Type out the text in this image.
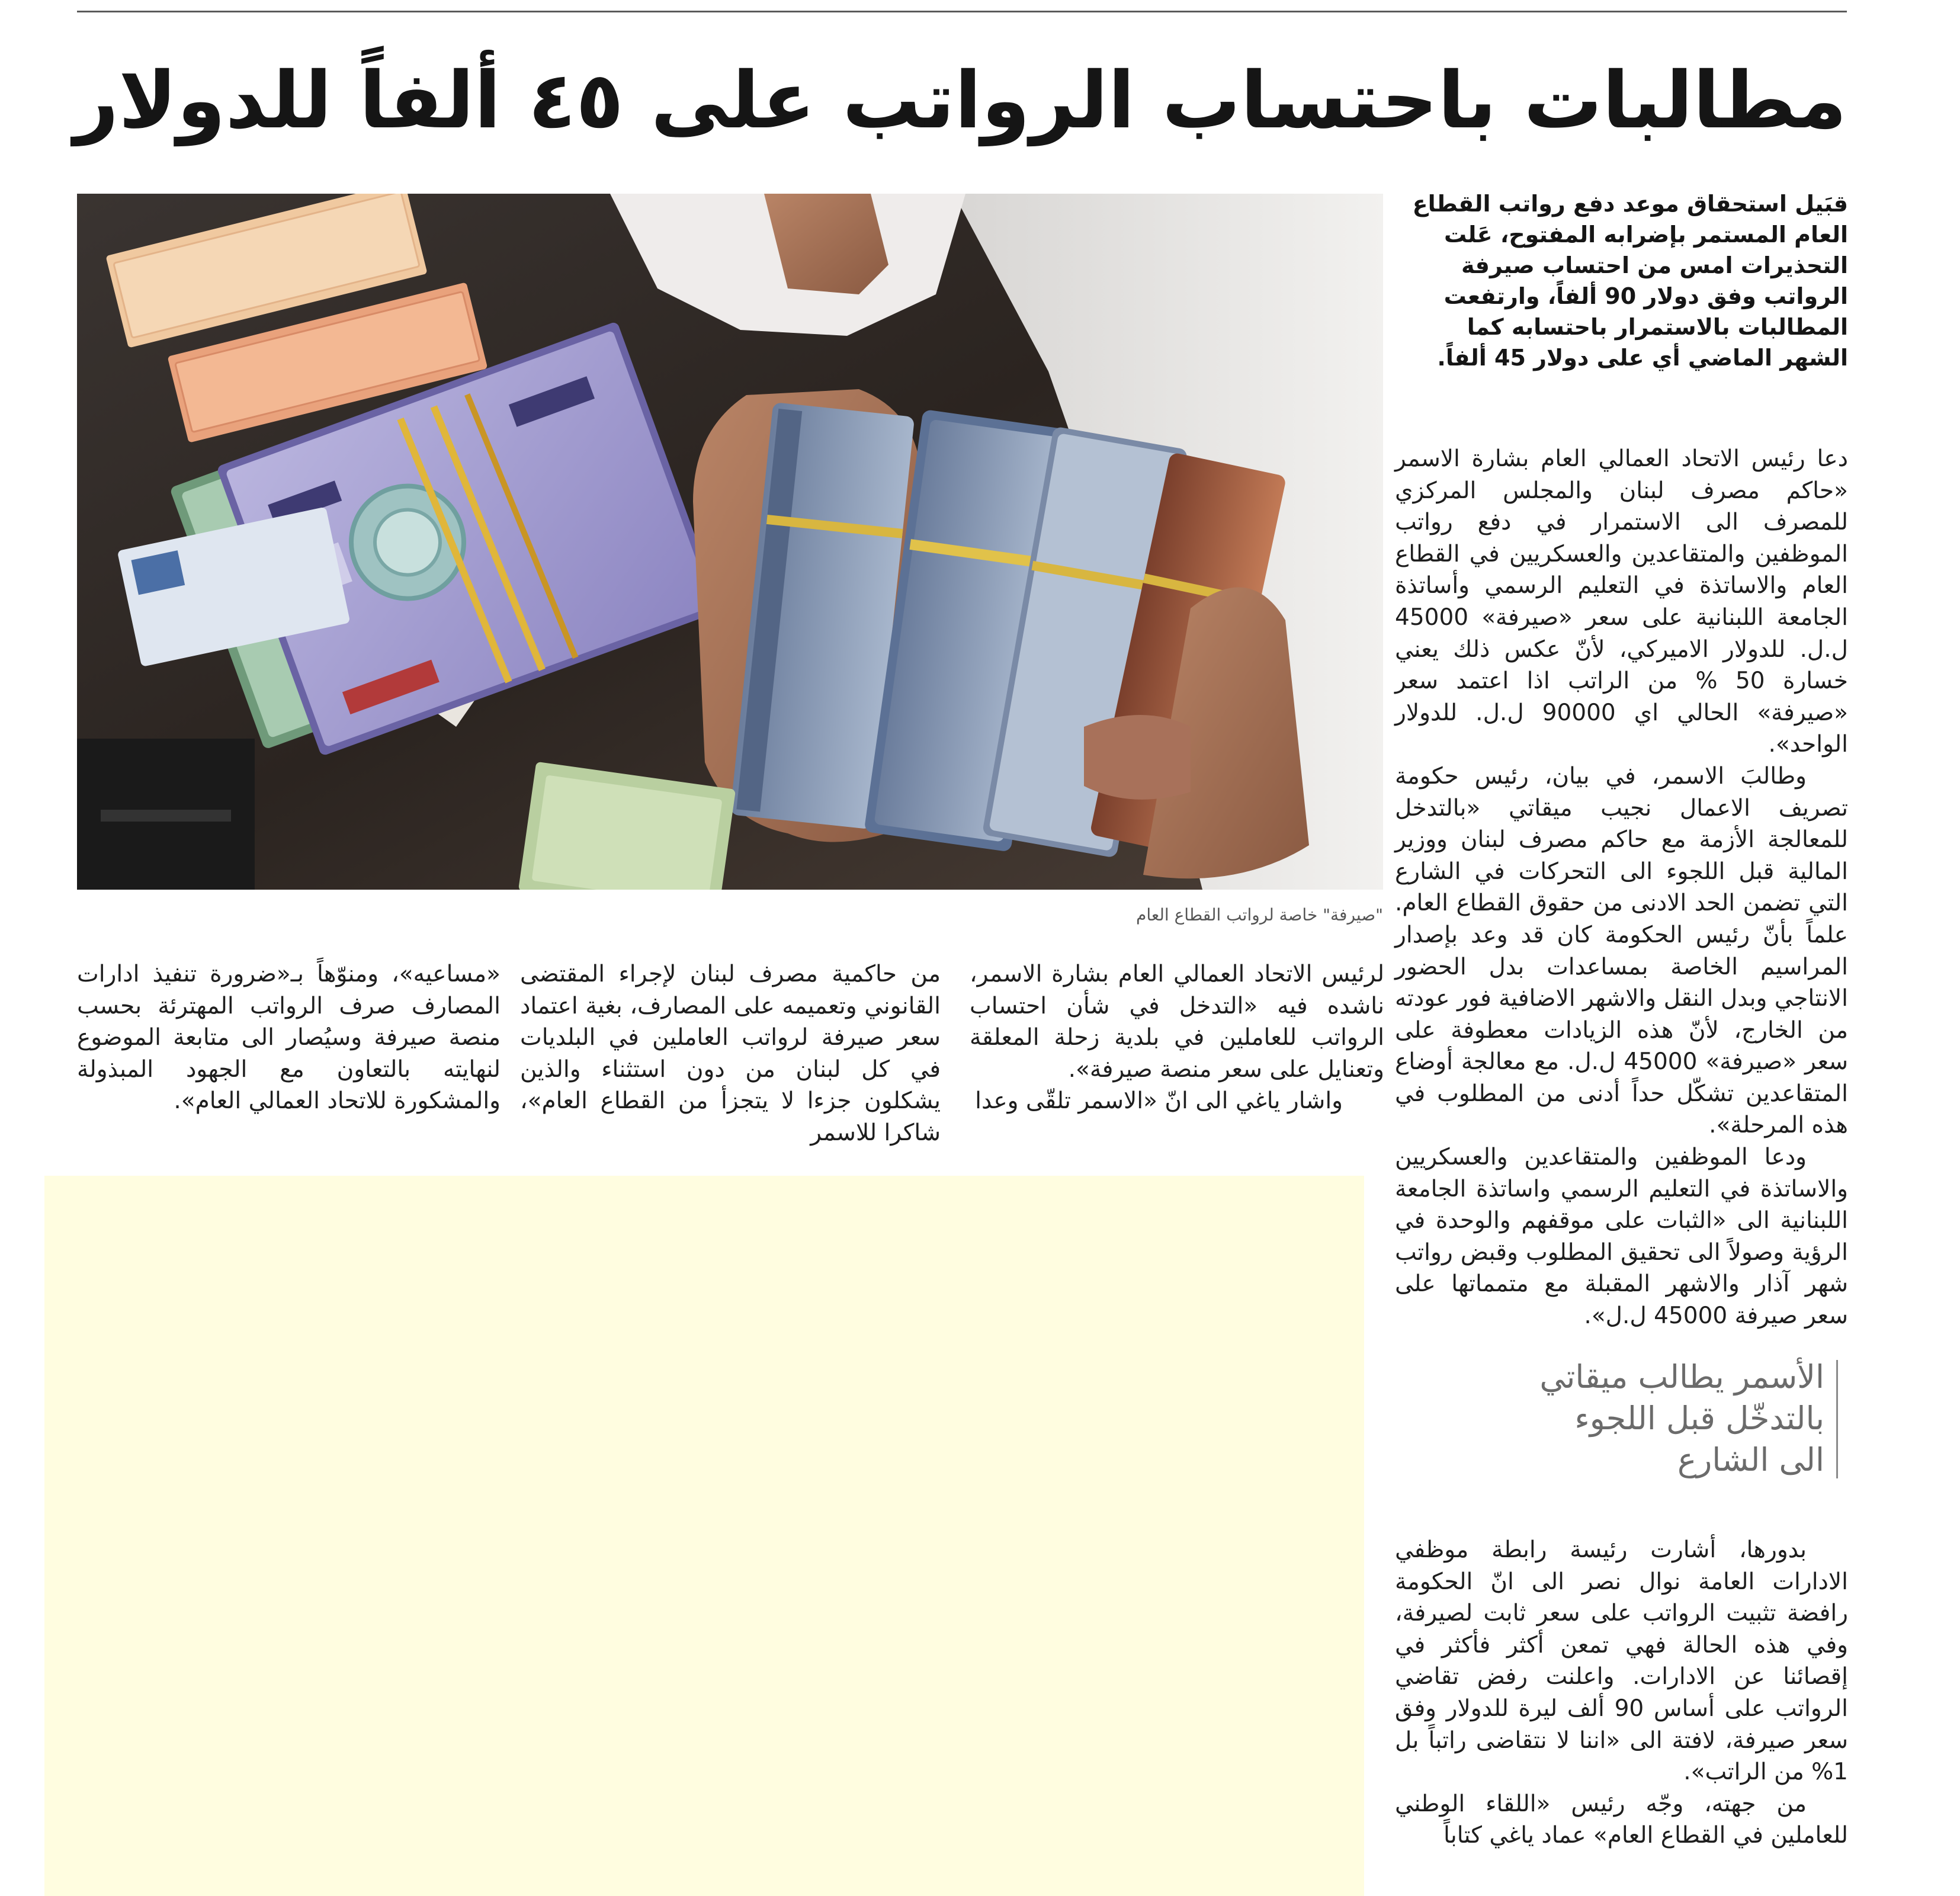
مطالبات باحتساب الرواتب على ٤٥ ألفاً للدولار
"صيرفة" خاصة لرواتب القطاع العام
قبَيل استحقاق موعد دفع رواتب القطاع العام المستمر بإضرابه المفتوح، عَلت التحذيرات امس من احتساب صيرفة الرواتب وفق دولار 90 ألفاً، وارتفعت المطالبات بالاستمرار باحتسابه كما الشهر الماضي أي على دولار 45 ألفاً.

دعا رئيس الاتحاد العمالي العام بشارة الاسمر «حاكم مصرف لبنان والمجلس المركزي للمصرف الى الاستمرار في دفع رواتب الموظفين والمتقاعدين والعسكريين في القطاع العام والاساتذة في التعليم الرسمي وأساتذة الجامعة اللبنانية على سعر «صيرفة» 45000 ل.ل. للدولار الاميركي، لأنّ عكس ذلك يعني خسارة 50 % من الراتب اذا اعتمد سعر «صيرفة» الحالي اي 90000 ل.ل. للدولار الواحد».

وطالبَ الاسمر، في بيان، رئيس حكومة تصريف الاعمال نجيب ميقاتي «بالتدخل للمعالجة الأزمة مع حاكم مصرف لبنان ووزير المالية قبل اللجوء الى التحركات في الشارع التي تضمن الحد الادنى من حقوق القطاع العام. علماً بأنّ رئيس الحكومة كان قد وعد بإصدار المراسيم الخاصة بمساعدات بدل الحضور الانتاجي وبدل النقل والاشهر الاضافية فور عودته من الخارج، لأنّ هذه الزيادات معطوفة على سعر «صيرفة» 45000 ل.ل. مع معالجة أوضاع المتقاعدين تشكّل حداً أدنى من المطلوب في هذه المرحلة».

ودعا الموظفين والمتقاعدين والعسكريين والاساتذة في التعليم الرسمي واساتذة الجامعة اللبنانية الى «الثبات على موقفهم والوحدة في الرؤية وصولاً الى تحقيق المطلوب وقبض رواتب شهر آذار والاشهر المقبلة مع متمماتها على سعر صيرفة 45000 ل.ل».

الأسمر يطالب ميقاتي
بالتدخّل قبل اللجوء
الى الشارع

بدورها، أشارت رئيسة رابطة موظفي الادارات العامة نوال نصر الى انّ الحكومة رافضة تثبيت الرواتب على سعر ثابت لصيرفة، وفي هذه الحالة فهي تمعن أكثر فأكثر في إقصائنا عن الادارات. واعلنت رفض تقاضي الرواتب على أساس 90 ألف ليرة للدولار وفق سعر صيرفة، لافتة الى «اننا لا نتقاضى راتباً بل 1% من الراتب».

من جهته، وجّه رئيس «اللقاء الوطني للعاملين في القطاع العام» عماد ياغي كتاباً

لرئيس الاتحاد العمالي العام بشارة الاسمر، ناشده فيه «التدخل في شأن احتساب الرواتب للعاملين في بلدية زحلة المعلقة وتعنايل على سعر منصة صيرفة».

واشار ياغي الى انّ «الاسمر تلقّى وعدا

من حاكمية مصرف لبنان لإجراء المقتضى القانوني وتعميمه على المصارف، بغية اعتماد سعر صيرفة لرواتب العاملين في البلديات في كل لبنان من دون استثناء والذين يشكلون جزءا لا يتجزأ من القطاع العام»، شاكرا للاسمر

«مساعيه»، ومنوّهاً بـ«ضرورة تنفيذ ادارات المصارف صرف الرواتب المهترئة بحسب منصة صيرفة وسيُصار الى متابعة الموضوع لنهايته بالتعاون مع الجهود المبذولة والمشكورة للاتحاد العمالي العام».
